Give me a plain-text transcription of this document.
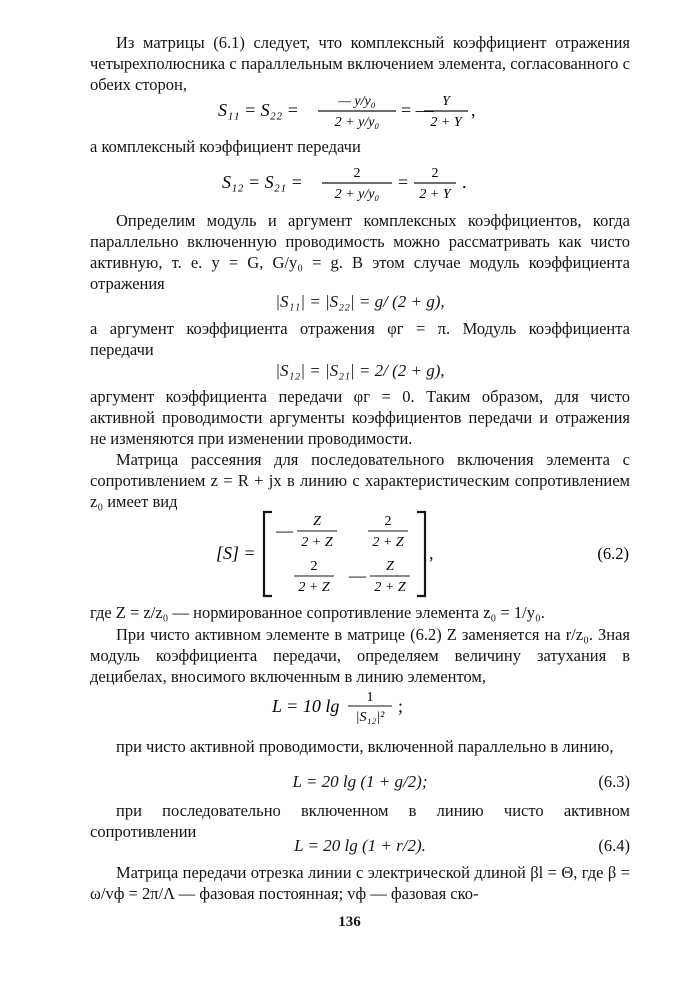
Из матрицы (6.1) следует, что комплексный коэффициент отражения четырехполюсника с параллельным включением элемента, согласованного с обеих сторон,

S₁₁ = S₂₂ =	— y/y₀
2 + y/y₀
= — Y
2 + Y
,

а комплексный коэффициент передачи

S₁₂ = S₂₁ =	2
2 + y/y₀
= 2
2 + Y
.

Определим модуль и аргумент комплексных коэффициентов, когда параллельно включенную проводимость можно рассматривать как чисто активную, т. е. y = G, G/y₀ = g. В этом случае модуль коэффициента отражения

|S₁₁| = |S₂₂| = g/ (2 + g),

а аргумент коэффициента отражения φг = π. Модуль коэффициента передачи

|S₁₂| = |S₂₁| = 2/ (2 + g),

аргумент коэффициента передачи φг = 0. Таким образом, для чисто активной проводимости аргументы коэффициентов передачи и отражения не изменяются при изменении проводимости.

Матрица рассеяния для последовательного включения элемента с сопротивлением z = R + jx в линию с характеристическим сопротивлением z₀ имеет вид

[S] =
— Z
2 + Z
2
2 + Z
2
2 + Z
— Z
2 + Z
,	(6.2)

где Z = z/z₀ — нормированное сопротивление элемента z₀ = 1/y₀.

При чисто активном элементе в матрице (6.2) Z заменяется на r/z₀. Зная модуль коэффициента передачи, определяем величину затухания в децибелах, вносимого включенным в линию элементом,

L = 10 lg 1
|S₁₂|²
;

при чисто активной проводимости, включенной параллельно в линию,

L = 20 lg (1 + g/2);	(6.3)

при последовательно включенном в линию чисто активном сопротивлении

L = 20 lg (1 + r/2).	(6.4)

Матрица передачи отрезка линии с электрической длиной βl = Θ, где β = ω/vф = 2π/Λ — фазовая постоянная; vф — фазовая ско-

136
